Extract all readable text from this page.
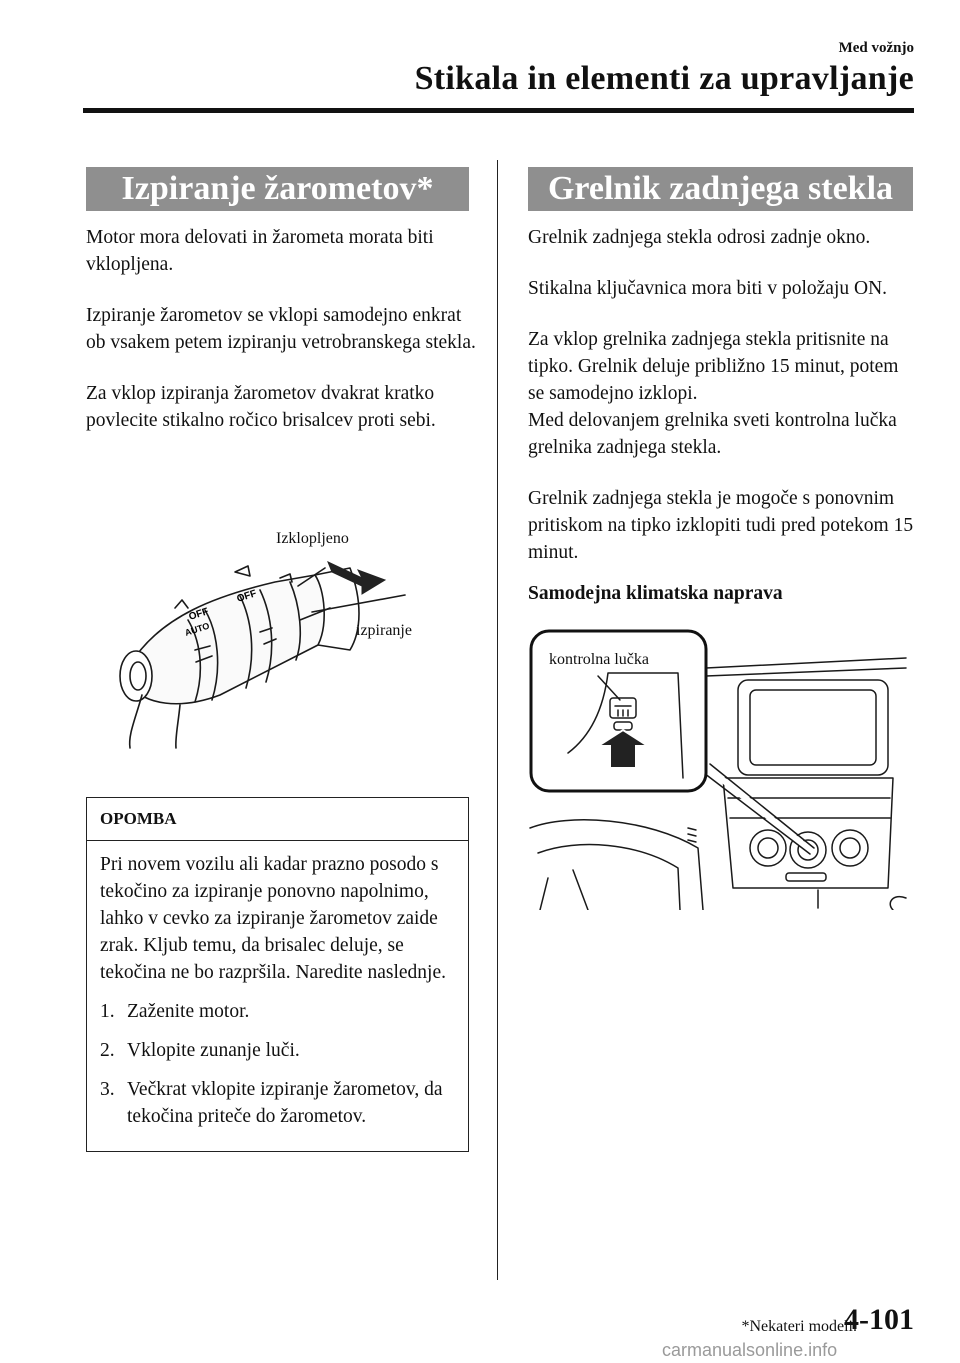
Med vožnjo
Stikala in elementi za upravljanje
Izpiranje žarometov*

Motor mora delovati in žarometa morata biti vklopljena.

Izpiranje žarometov se vklopi samodejno enkrat ob vsakem petem izpiranju vetrobranskega stekla.

Za vklop izpiranja žarometov dvakrat kratko povlecite stikalno ročico brisalcev proti sebi.

OFF
OFF
AUTO
Izklopljeno
izpiranje
OPOMBA

Pri novem vozilu ali kadar prazno posodo s tekočino za izpiranje ponovno napolnimo, lahko v cevko za izpiranje žarometov zaide zrak. Kljub temu, da brisalec deluje, se tekočina ne bo razpršila. Naredite naslednje.

1. Zaženite motor.
2. Vklopite zunanje luči.
3. Večkrat vklopite izpiranje žarometov, da tekočina priteče do žarometov.
Grelnik zadnjega stekla

Grelnik zadnjega stekla odrosi zadnje okno.

Stikalna ključavnica mora biti v položaju ON.

Za vklop grelnika zadnjega stekla pritisnite na tipko. Grelnik deluje približno 15 minut, potem se samodejno izklopi.

Med delovanjem grelnika sveti kontrolna lučka grelnika zadnjega stekla.

Grelnik zadnjega stekla je mogoče s ponovnim pritiskom na tipko izklopiti tudi pred potekom 15 minut.

Samodejna klimatska naprava
kontrolna lučka
*Nekateri modeli.
4-101
carmanualsonline.info
